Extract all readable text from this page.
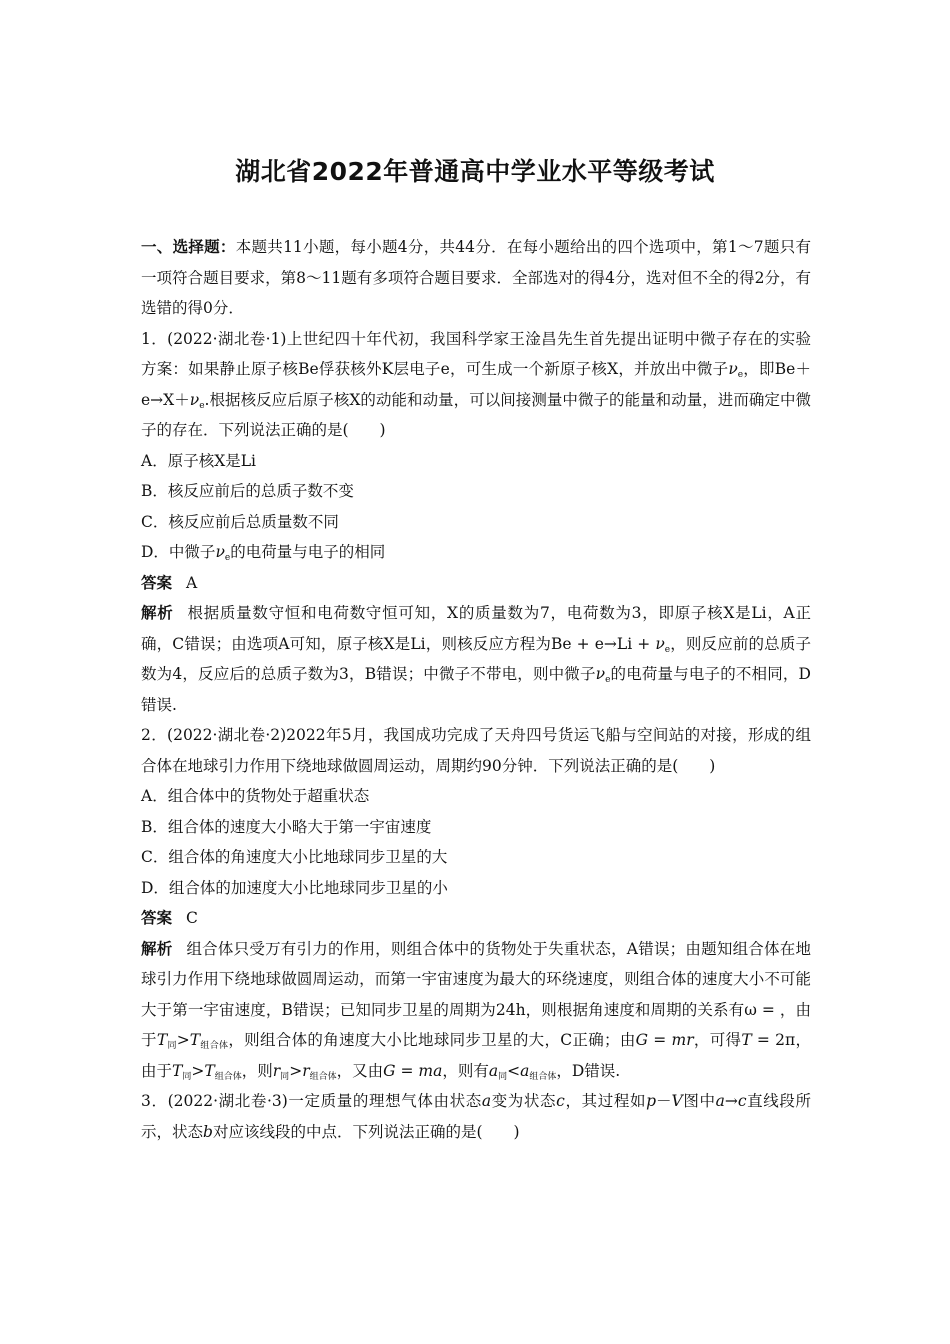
湖北省2022年普通高中学业水平等级考试
一、选择题：本题共11小题，每小题4分，共44分．在每小题给出的四个选项中，第1～7题只有一项符合题目要求，第8～11题有多项符合题目要求．全部选对的得4分，选对但不全的得2分，有选错的得0分．
1．(2022·湖北卷·1)上世纪四十年代初，我国科学家王淦昌先生首先提出证明中微子存在的实验方案：如果静止原子核Be俘获核外K层电子e，可生成一个新原子核X，并放出中微子$\nu_e$，即$Be+e\to X+\nu_e$.根据核反应后原子核X的动能和动量，可以间接测量中微子的能量和动量，进而确定中微子的存在．下列说法正确的是(　　)
A．原子核X是Li
B．核反应前后的总质子数不变
C．核反应前后总质量数不同
D．中微子$\nu_e$的电荷量与电子的相同
答案 A
解析 根据质量数守恒和电荷数守恒可知，X的质量数为7，电荷数为3，即原子核X是Li，A正确，C错误；由选项A可知，原子核X是Li，则核反应方程为$Be + e\to Li + \nu_e$，则反应前的总质子数为4，反应后的总质子数为3，B错误；中微子不带电，则中微子$\nu_e$的电荷量与电子的不相同，D错误.
2．(2022·湖北卷·2)2022年5月，我国成功完成了天舟四号货运飞船与空间站的对接，形成的组合体在地球引力作用下绕地球做圆周运动，周期约90分钟．下列说法正确的是(　　)
A．组合体中的货物处于超重状态
B．组合体的速度大小略大于第一宇宙速度
C．组合体的角速度大小比地球同步卫星的大
D．组合体的加速度大小比地球同步卫星的小
答案 C
解析 组合体只受万有引力的作用，则组合体中的货物处于失重状态，A错误；由题知组合体在地球引力作用下绕地球做圆周运动，而第一宇宙速度为最大的环绕速度，则组合体的速度大小不可能大于第一宇宙速度，B错误；已知同步卫星的周期为24h，则根据角速度和周期的关系有ω = ，由于$T_同>T_{组合体}$，则组合体的角速度大小比地球同步卫星的大，C正确；由G = mr，可得T = 2π，由于$T_同>T_{组合体}$，则$r_同>r_{组合体}$，又由G = ma，则有$a_同<a_{组合体}$，D错误.
3．(2022·湖北卷·3)一定质量的理想气体由状态a变为状态c，其过程如p－V图中a→c直线段所示，状态b对应该线段的中点．下列说法正确的是(　　)
